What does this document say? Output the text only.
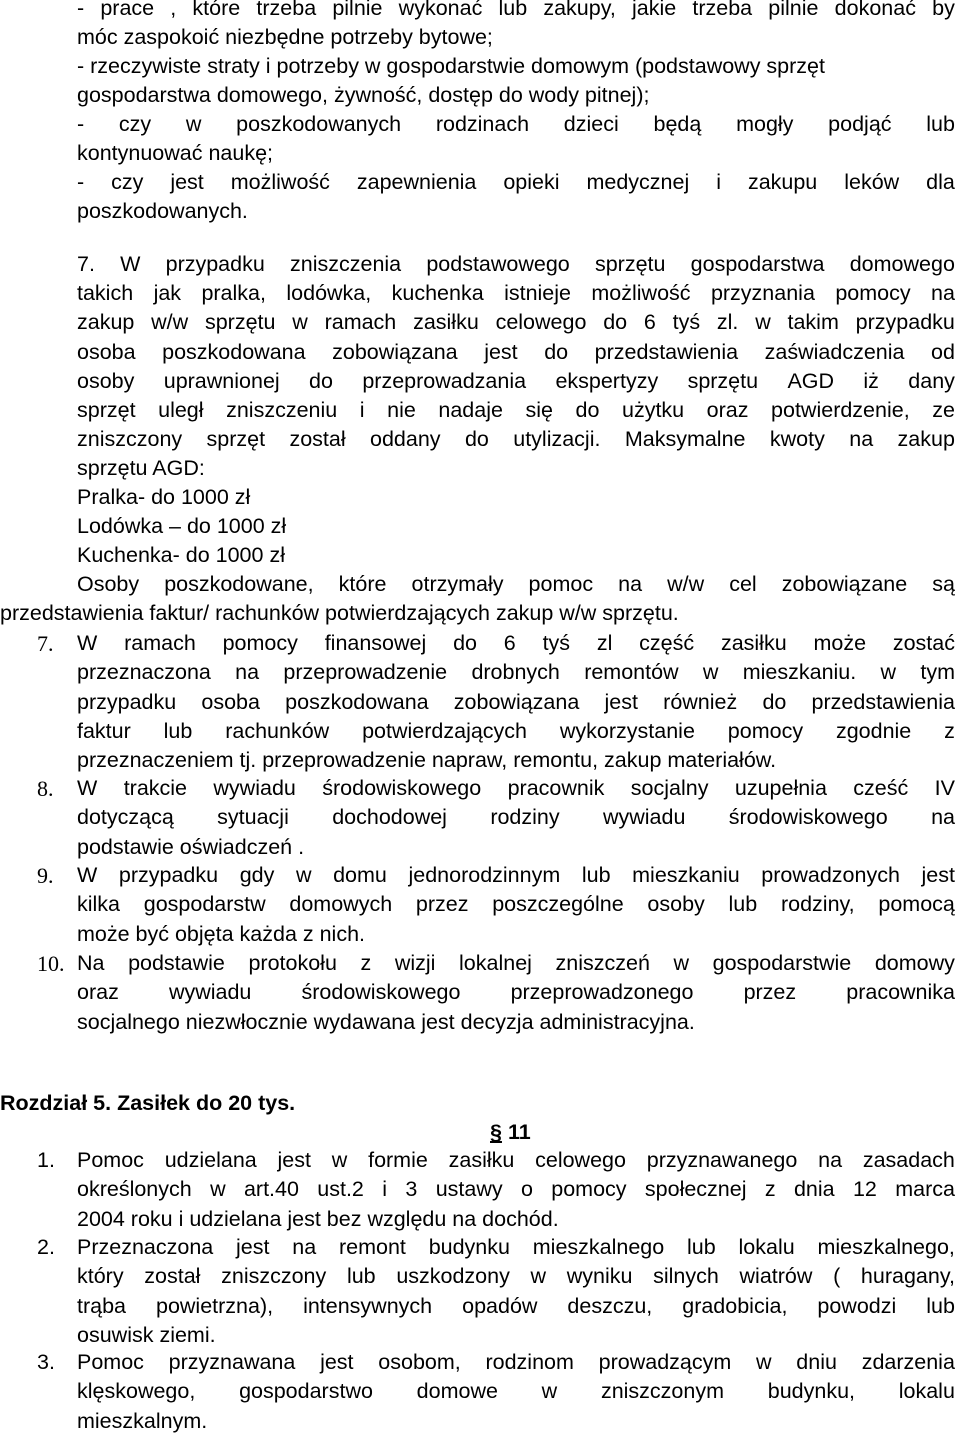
- prace , które trzeba pilnie wykonać lub zakupy, jakie trzeba pilnie dokonać by
móc zaspokoić niezbędne potrzeby bytowe;
- rzeczywiste straty i potrzeby w gospodarstwie domowym (podstawowy sprzęt
gospodarstwa domowego, żywność, dostęp do wody pitnej);
- czy w poszkodowanych rodzinach dzieci będą mogły podjąć lub
kontynuować naukę;
- czy jest możliwość zapewnienia opieki medycznej i zakupu leków dla
poszkodowanych.
7. W przypadku zniszczenia podstawowego sprzętu gospodarstwa domowego
takich jak pralka, lodówka, kuchenka istnieje możliwość przyznania pomocy na
zakup w/w sprzętu w ramach zasiłku celowego do 6 tyś zl. w takim przypadku
osoba poszkodowana zobowiązana jest do przedstawienia zaświadczenia od
osoby uprawnionej do przeprowadzania ekspertyzy sprzętu AGD iż dany
sprzęt uległ zniszczeniu i nie nadaje się do użytku oraz potwierdzenie, ze
zniszczony sprzęt został oddany do utylizacji. Maksymalne kwoty na zakup
sprzętu AGD:
Pralka- do 1000 zł
Lodówka – do 1000 zł
Kuchenka- do 1000 zł
Osoby poszkodowane, które otrzymały pomoc na w/w cel zobowiązane są
przedstawienia faktur/ rachunków potwierdzających zakup w/w sprzętu.
7. W ramach pomocy finansowej do 6 tyś zl część zasiłku może zostać
przeznaczona na przeprowadzenie drobnych remontów w mieszkaniu. w tym
przypadku osoba poszkodowana zobowiązana jest również do przedstawienia
faktur lub rachunków potwierdzających wykorzystanie pomocy zgodnie z
przeznaczeniem tj. przeprowadzenie napraw, remontu, zakup materiałów.
8. W trakcie wywiadu środowiskowego pracownik socjalny uzupełnia cześć IV
dotyczącą sytuacji dochodowej rodziny wywiadu środowiskowego na
podstawie oświadczeń .
9. W przypadku gdy w domu jednorodzinnym lub mieszkaniu prowadzonych jest
kilka gospodarstw domowych przez poszczególne osoby lub rodziny, pomocą
może być objęta każda z nich.
10. Na podstawie protokołu z wizji lokalnej zniszczeń w gospodarstwie domowy
oraz wywiadu środowiskowego przeprowadzonego przez pracownika
socjalnego niezwłocznie wydawana jest decyzja administracyjna.
Rozdział 5. Zasiłek do 20 tys.
§ 11
1. Pomoc udzielana jest w formie zasiłku celowego przyznawanego na zasadach
określonych w art.40 ust.2 i 3 ustawy o pomocy społecznej z dnia 12 marca
2004 roku i udzielana jest bez względu na dochód.
2. Przeznaczona jest na remont budynku mieszkalnego lub lokalu mieszkalnego,
który został zniszczony lub uszkodzony w wyniku silnych wiatrów ( huragany,
trąba powietrzna), intensywnych opadów deszczu, gradobicia, powodzi lub
osuwisk ziemi.
3. Pomoc przyznawana jest osobom, rodzinom prowadzącym w dniu zdarzenia
klęskowego, gospodarstwo domowe w zniszczonym budynku, lokalu
mieszkalnym.
